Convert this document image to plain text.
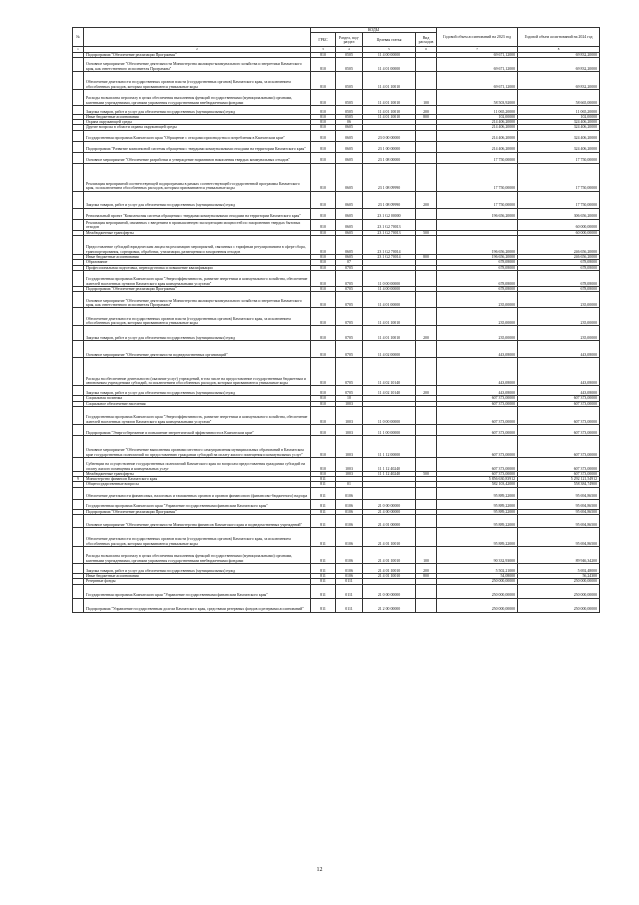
№		КОДЫ				Годовой объем ассигнований на 2023 год	Годовой объем ассигнований на 2024 год
		ГРБС	Раздел, под-раздел	Целевая статья	Вид расходов		
1	2	3	4	5	6	7	8
	Подпрограмма "Обеспечение реализации Программы"	810	0505	11 4 00 00000		69 671,12000	69 832,20000
	Основное мероприятие "Обеспечение деятельности Министерства жилищно-коммунального хозяйства и энергетики Камчатского края, как ответственного исполнителя Программы"	810	0505	11 4 01 00000		69 671,12000	69 832,20000
	Обеспечение деятельности государственных органов власти (государственных органов) Камчатского края, за исключением обособленных расходов, которым присваиваются уникальные коды	810	0505	11 4 01 10010		69 671,12000	69 832,20000
	Расходы на выплаты персоналу в целях обеспечения выполнения функций государственными (муниципальными) органами, казенными учреждениями, органами управления государственными внебюджетными фондами	810	0505	11 4 01 10010	100	58 503,92000	58 665,00000
	Закупка товаров, работ и услуг для обеспечения государственных (муниципальных) нужд	810	0505	11 4 01 10010	200	11 065,20000	11 065,20000
	Иные бюджетные ассигнования	810	0505	11 4 01 10010	800	102,00000	102,00000
	Охрана окружающей среды	810	06			214 406,20000	324 406,20000
	Другие вопросы в области охраны окружающей среды	810	0605			214 406,20000	324 406,20000
	Государственная программа Камчатского края "Обращение с отходами производства и потребления в Камчатском крае"	810	0605	23 0 00 00000		214 406,20000	324 406,20000
	Подпрограмма "Развитие комплексной системы обращения с твердыми коммунальными отходами на территории Камчатского края"	810	0605	23 1 00 00000		214 406,20000	324 406,20000
	Основное мероприятие "Обеспечение разработки и утверждение нормативов накопления твердых коммунальных отходов"	810	0605	23 1 08 00000		17 750,00000	17 750,00000
	Реализация мероприятий соответствующей подпрограммы в рамках соответствующей государственной программы Камчатского края, за исключением обособленных расходов, которым присваиваются уникальные коды	810	0605	23 1 08 09990		17 750,00000	17 750,00000
	Закупка товаров, работ и услуг для обеспечения государственных (муниципальных) нужд	810	0605	23 1 08 09990	200	17 750,00000	17 750,00000
	Региональный проект "Комплексная система обращения с твердыми коммунальными отходами на территории Камчатского края"	810	0605	23 1 G2 00000		196 656,20000	306 656,20000
	Реализация мероприятий, связанных с введением в промышленную эксплуатацию мощностей по захоронению твердых бытовых отходов	810	0605	23 1 G2 70013			60 000,00000
	Межбюджетные трансферты	810	0605	23 1 G2 70013	500		60 000,00000
	Предоставление субсидий юридическим лицам на реализацию мероприятий, связанных с тарифным регулированием в сфере сбора, транспортирования, сортировки, обработки, утилизации, размещения и захоронения отходов	810	0605	23 1 G2 70014		196 656,20000	246 656,20000
	Иные бюджетные ассигнования	810	0605	23 1 G2 70014	800	196 656,20000	246 656,20000
	Образование	810	07			678,08000	678,08000
	Профессиональная подготовка, переподготовка и повышение квалификации	810	0705			678,08000	678,08000
	Государственная программа Камчатского края "Энергоэффективность, развитие энергетики и коммунального хозяйства, обеспечение жителей населенных пунктов Камчатского края коммунальными услугами"	810	0705	11 0 00 00000		678,08000	678,08000
	Подпрограмма "Обеспечение реализации Программы"	810	0705	11 4 00 00000		678,08000	678,08000
	Основное мероприятие "Обеспечение деятельности Министерства жилищно-коммунального хозяйства и энергетики Камчатского края, как ответственного исполнителя Программы"	810	0705	11 4 01 00000		235,00000	235,00000
	Обеспечение деятельности государственных органов власти (государственных органов) Камчатского края, за исключением обособленных расходов, которым присваиваются уникальные коды	810	0705	11 4 01 10010		235,00000	235,00000
	Закупка товаров, работ и услуг для обеспечения государственных (муниципальных) нужд	810	0705	11 4 01 10010	200	235,00000	235,00000
	Основное мероприятие "Обеспечение деятельности подведомственных организаций"	810	0705	11 4 02 00000		443,08000	443,08000
	Расходы на обеспечение деятельности (оказание услуг) учреждений, в том числе на предоставление государственным бюджетным и автономным учреждениям субсидий, за исключением обособленных расходов, которым присваиваются уникальные коды	810	0705	11 4 02 10140		443,08000	443,08000
	Закупка товаров, работ и услуг для обеспечения государственных (муниципальных) нужд	810	0705	11 4 02 10140	200	443,08000	443,08000
	Социальная политика	810	10			607 373,00000	607 373,00000
	Социальное обеспечение населения	810	1003			607 373,00000	607 373,00000
	Государственная программа Камчатского края "Энергоэффективность, развитие энергетики и коммунального хозяйства, обеспечение жителей населенных пунктов Камчатского края коммунальными услугами"	810	1003	11 0 00 00000		607 373,00000	607 373,00000
	Подпрограмма "Энергосбережение и повышение энергетической эффективности в Камчатском крае"	810	1003	11 1 00 00000		607 373,00000	607 373,00000
	Основное мероприятие "Обеспечение выполнения органами местного самоуправления муниципальных образований в Камчатском крае государственных полномочий по предоставлению гражданам субсидий на оплату жилого помещения и коммунальных услуг"	810	1003	11 1 12 00000		607 373,00000	607 373,00000
	Субвенции на осуществление государственных полномочий Камчатского края по вопросам предоставления гражданам субсидий на оплату жилого помещения и коммунальных услуг	810	1003	11 1 12 40240		607 373,00000	607 373,00000
	Межбюджетные трансферты	810	1003	11 1 12 40240	500	607 373,00000	607 373,00000
9	Министерство финансов Камчатского края	811				5 856 630,83912	5 292 121,54912
	Общегосударственные вопросы	811	01			582 103,42000	558 384,74900
	Обеспечение деятельности финансовых, налоговых и таможенных органов и органов финансового (финансово-бюджетного) надзора	811	0106			95 889,22000	95 694,86500
	Государственная программа Камчатского края "Управление государственными финансами Камчатского края"	811	0106	21 0 00 00000		95 889,22000	95 694,86500
	Подпрограмма "Обеспечение реализации Программы"	811	0106	21 4 00 00000		95 889,22000	95 694,86500
	Основное мероприятие "Обеспечение деятельности Министерства финансов Камчатского края и подведомственных учреждений"	811	0106	21 4 01 00000		95 889,22000	95 694,86500
	Обеспечение деятельности государственных органов власти (государственных органов) Камчатского края, за исключением обособленных расходов, которым присваиваются уникальные коды	811	0106	21 4 01 10010		95 889,22000	95 694,86500
	Расходы на выплаты персоналу в целях обеспечения выполнения функций государственными (муниципальными) органами, казенными учреждениями, органами управления государственными внебюджетными фондами	811	0106	21 4 01 10010	100	90 332,93000	89 946,34200
	Закупка товаров, работ и услуг для обеспечения государственных (муниципальных) нужд	811	0106	21 4 01 10010	200	5 502,21000	5 692,48000
	Иные бюджетные ассигнования	811	0106	21 4 01 10010	800	54,08000	56,24300
	Резервные фонды	811	0111			250 000,00000	250 000,00000
	Государственная программа Камчатского края "Управление государственными финансами Камчатского края"	811	0111	21 0 00 00000		250 000,00000	250 000,00000
	Подпрограмма "Управление государственным долгом Камчатского края, средствами резервных фондов и резервами ассигнований"	811	0111	21 2 00 00000		250 000,00000	250 000,00000
12
